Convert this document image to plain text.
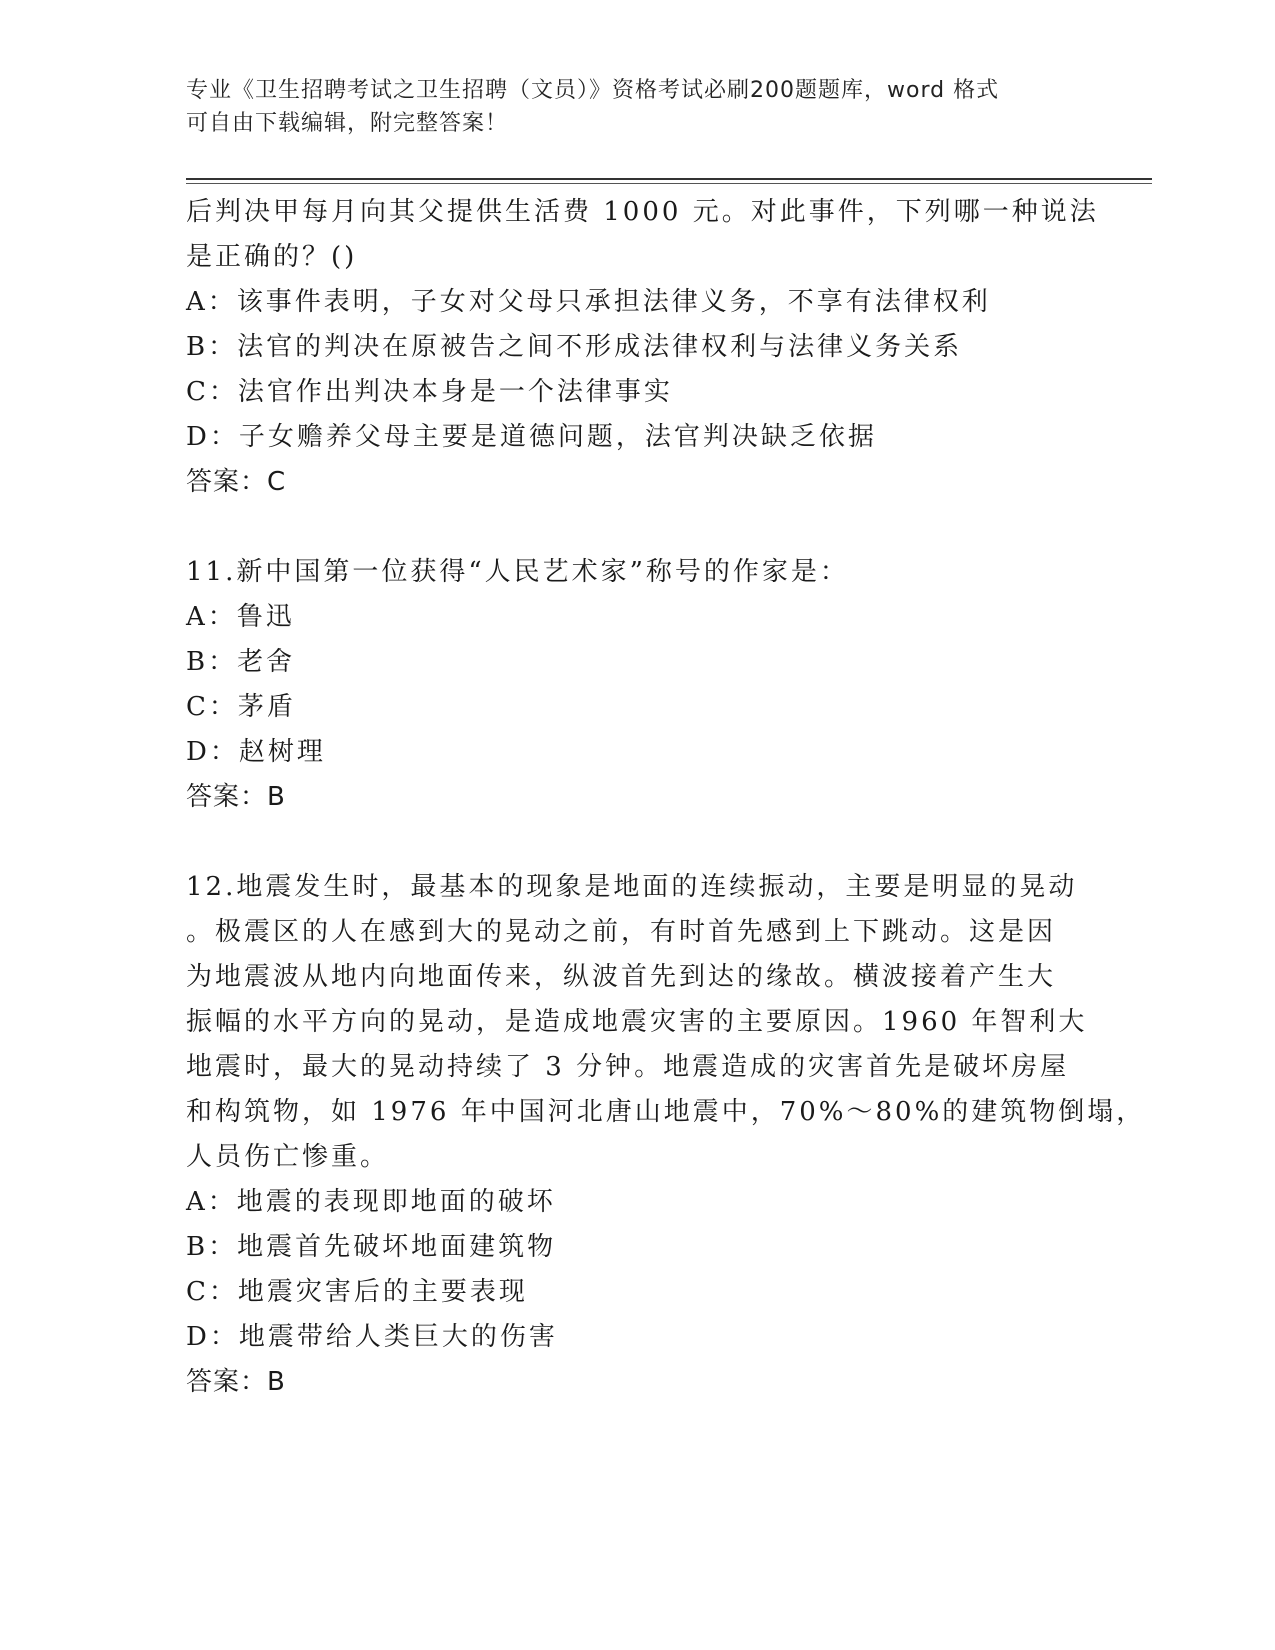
专业《卫生招聘考试之卫生招聘（文员）》资格考试必刷200题题库，word 格式
可自由下载编辑，附完整答案！
后判决甲每月向其父提供生活费 1000 元。对此事件，下列哪一种说法
是正确的？()
A：该事件表明，子女对父母只承担法律义务，不享有法律权利
B：法官的判决在原被告之间不形成法律权利与法律义务关系
C：法官作出判决本身是一个法律事实
D：子女赡养父母主要是道德问题，法官判决缺乏依据
答案：C
11.新中国第一位获得“人民艺术家”称号的作家是：
A：鲁迅
B：老舍
C：茅盾
D：赵树理
答案：B
12.地震发生时，最基本的现象是地面的连续振动，主要是明显的晃动
。极震区的人在感到大的晃动之前，有时首先感到上下跳动。这是因
为地震波从地内向地面传来，纵波首先到达的缘故。横波接着产生大
振幅的水平方向的晃动，是造成地震灾害的主要原因。1960 年智利大
地震时，最大的晃动持续了 3 分钟。地震造成的灾害首先是破坏房屋
和构筑物，如 1976 年中国河北唐山地震中，70%～80%的建筑物倒塌，
人员伤亡惨重。
A：地震的表现即地面的破坏
B：地震首先破坏地面建筑物
C：地震灾害后的主要表现
D：地震带给人类巨大的伤害
答案：B
